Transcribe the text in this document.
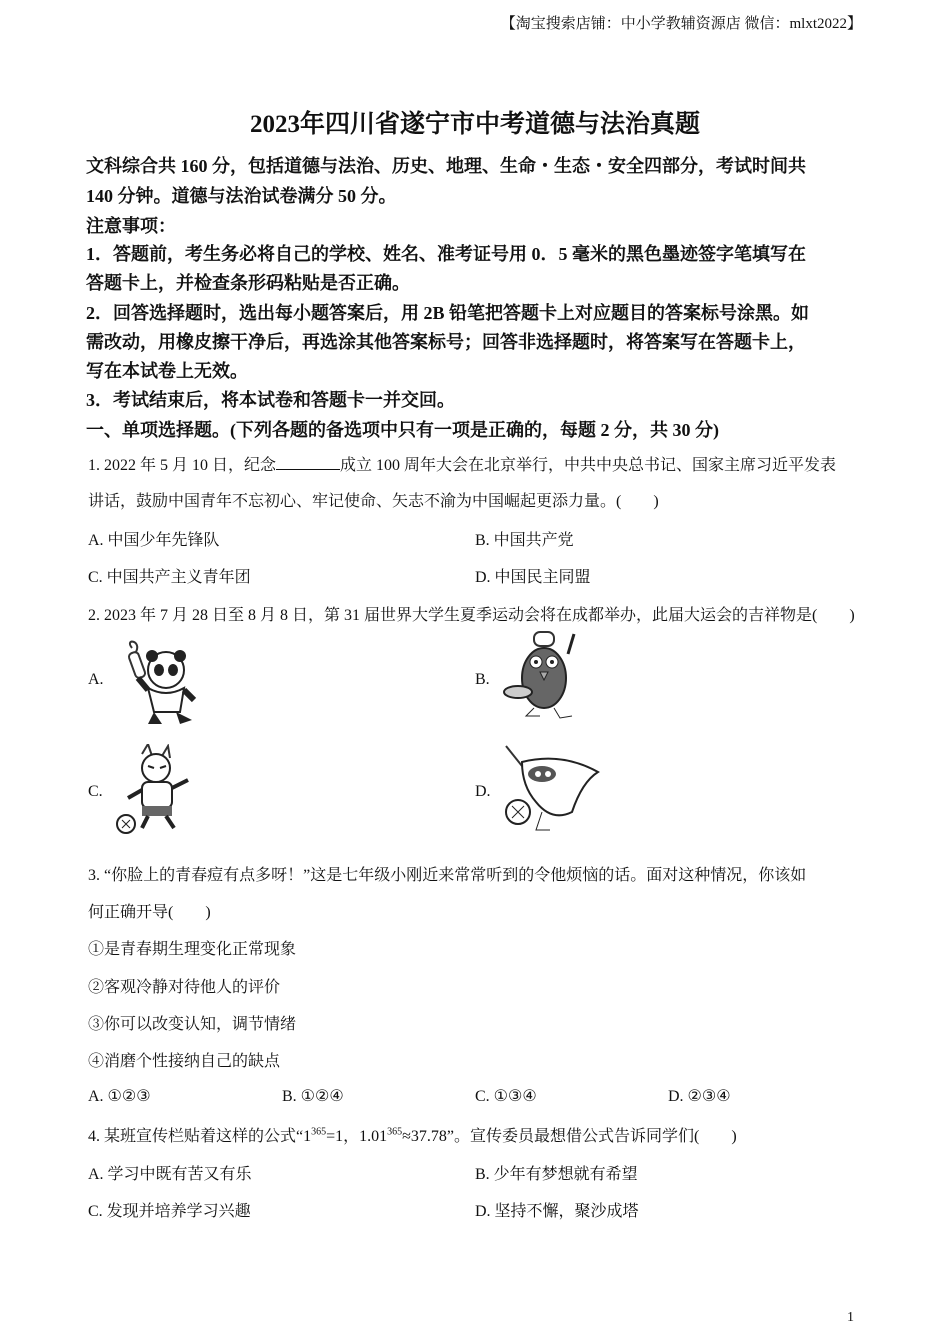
【淘宝搜索店铺：中小学教辅资源店 微信：mlxt2022】
2023年四川省遂宁市中考道德与法治真题
文科综合共 160 分，包括道德与法治、历史、地理、生命・生态・安全四部分，考试时间共
140 分钟。道德与法治试卷满分 50 分。
注意事项：
1．答题前，考生务必将自己的学校、姓名、准考证号用 0．5 毫米的黑色墨迹签字笔填写在
答题卡上，并检查条形码粘贴是否正确。
2．回答选择题时，选出每小题答案后，用 2B 铅笔把答题卡上对应题目的答案标号涂黑。如
需改动，用橡皮擦干净后，再选涂其他答案标号；回答非选择题时，将答案写在答题卡上，
写在本试卷上无效。
3．考试结束后，将本试卷和答题卡一并交回。
一、单项选择题。(下列各题的备选项中只有一项是正确的，每题 2 分，共 30 分)
1. 2022 年 5 月 10 日，纪念	成立 100 周年大会在北京举行，中共中央总书记、国家主席习近平发表
讲话，鼓励中国青年不忘初心、牢记使命、矢志不渝为中国崛起更添力量。(　　)
A. 中国少年先锋队	B. 中国共产党
C. 中国共产主义青年团	D. 中国民主同盟
2. 2023 年 7 月 28 日至 8 月 8 日，第 31 届世界大学生夏季运动会将在成都举办，此届大运会的吉祥物是(　　)
A.	B.
C.	D.
3. “你脸上的青春痘有点多呀！”这是七年级小刚近来常常听到的令他烦恼的话。面对这种情况，你该如
何正确开导(　　)
①是青春期生理变化正常现象
②客观冷静对待他人的评价
③你可以改变认知，调节情绪
④消磨个性接纳自己的缺点
A. ①②③	B. ①②④	C. ①③④	D. ②③④
4. 某班宣传栏贴着这样的公式“$1^{365}=1$，$1.01^{365}\approx 37.78$”。宣传委员最想借公式告诉同学们(　　)
A. 学习中既有苦又有乐	B. 少年有梦想就有希望
C. 发现并培养学习兴趣	D. 坚持不懈，聚沙成塔
1
